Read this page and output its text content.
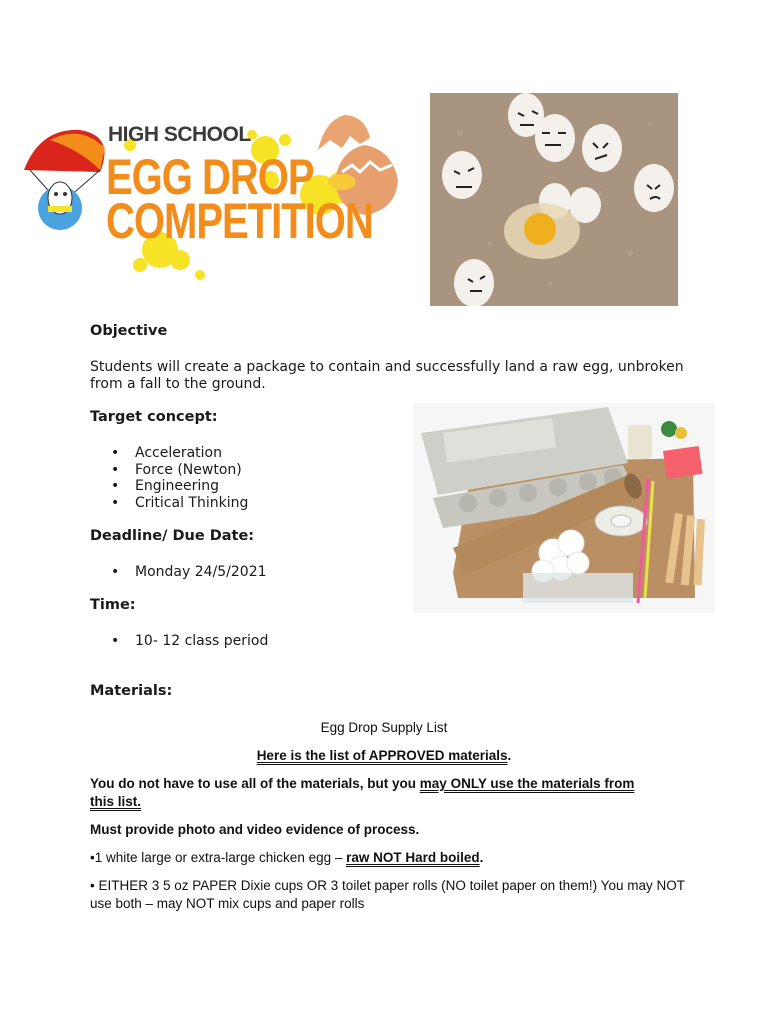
HIGH SCHOOL
EGG DROP
COMPETITION
Objective
Students will create a package to contain and successfully land a raw egg, unbroken from a fall to the ground.
Target concept:
• Acceleration
• Force (Newton)
• Engineering
• Critical Thinking
Deadline/ Due Date:
• Monday 24/5/2021
Time:
• 10- 12 class period
Materials:
Egg Drop Supply List
Here is the list of APPROVED materials.
You do not have to use all of the materials, but you may ONLY use the materials from this list.
Must provide photo and video evidence of process.
•1 white large or extra-large chicken egg – raw NOT Hard boiled.
• EITHER 3 5 oz PAPER Dixie cups OR 3 toilet paper rolls (NO toilet paper on them!) You may NOT use both – may NOT mix cups and paper rolls
